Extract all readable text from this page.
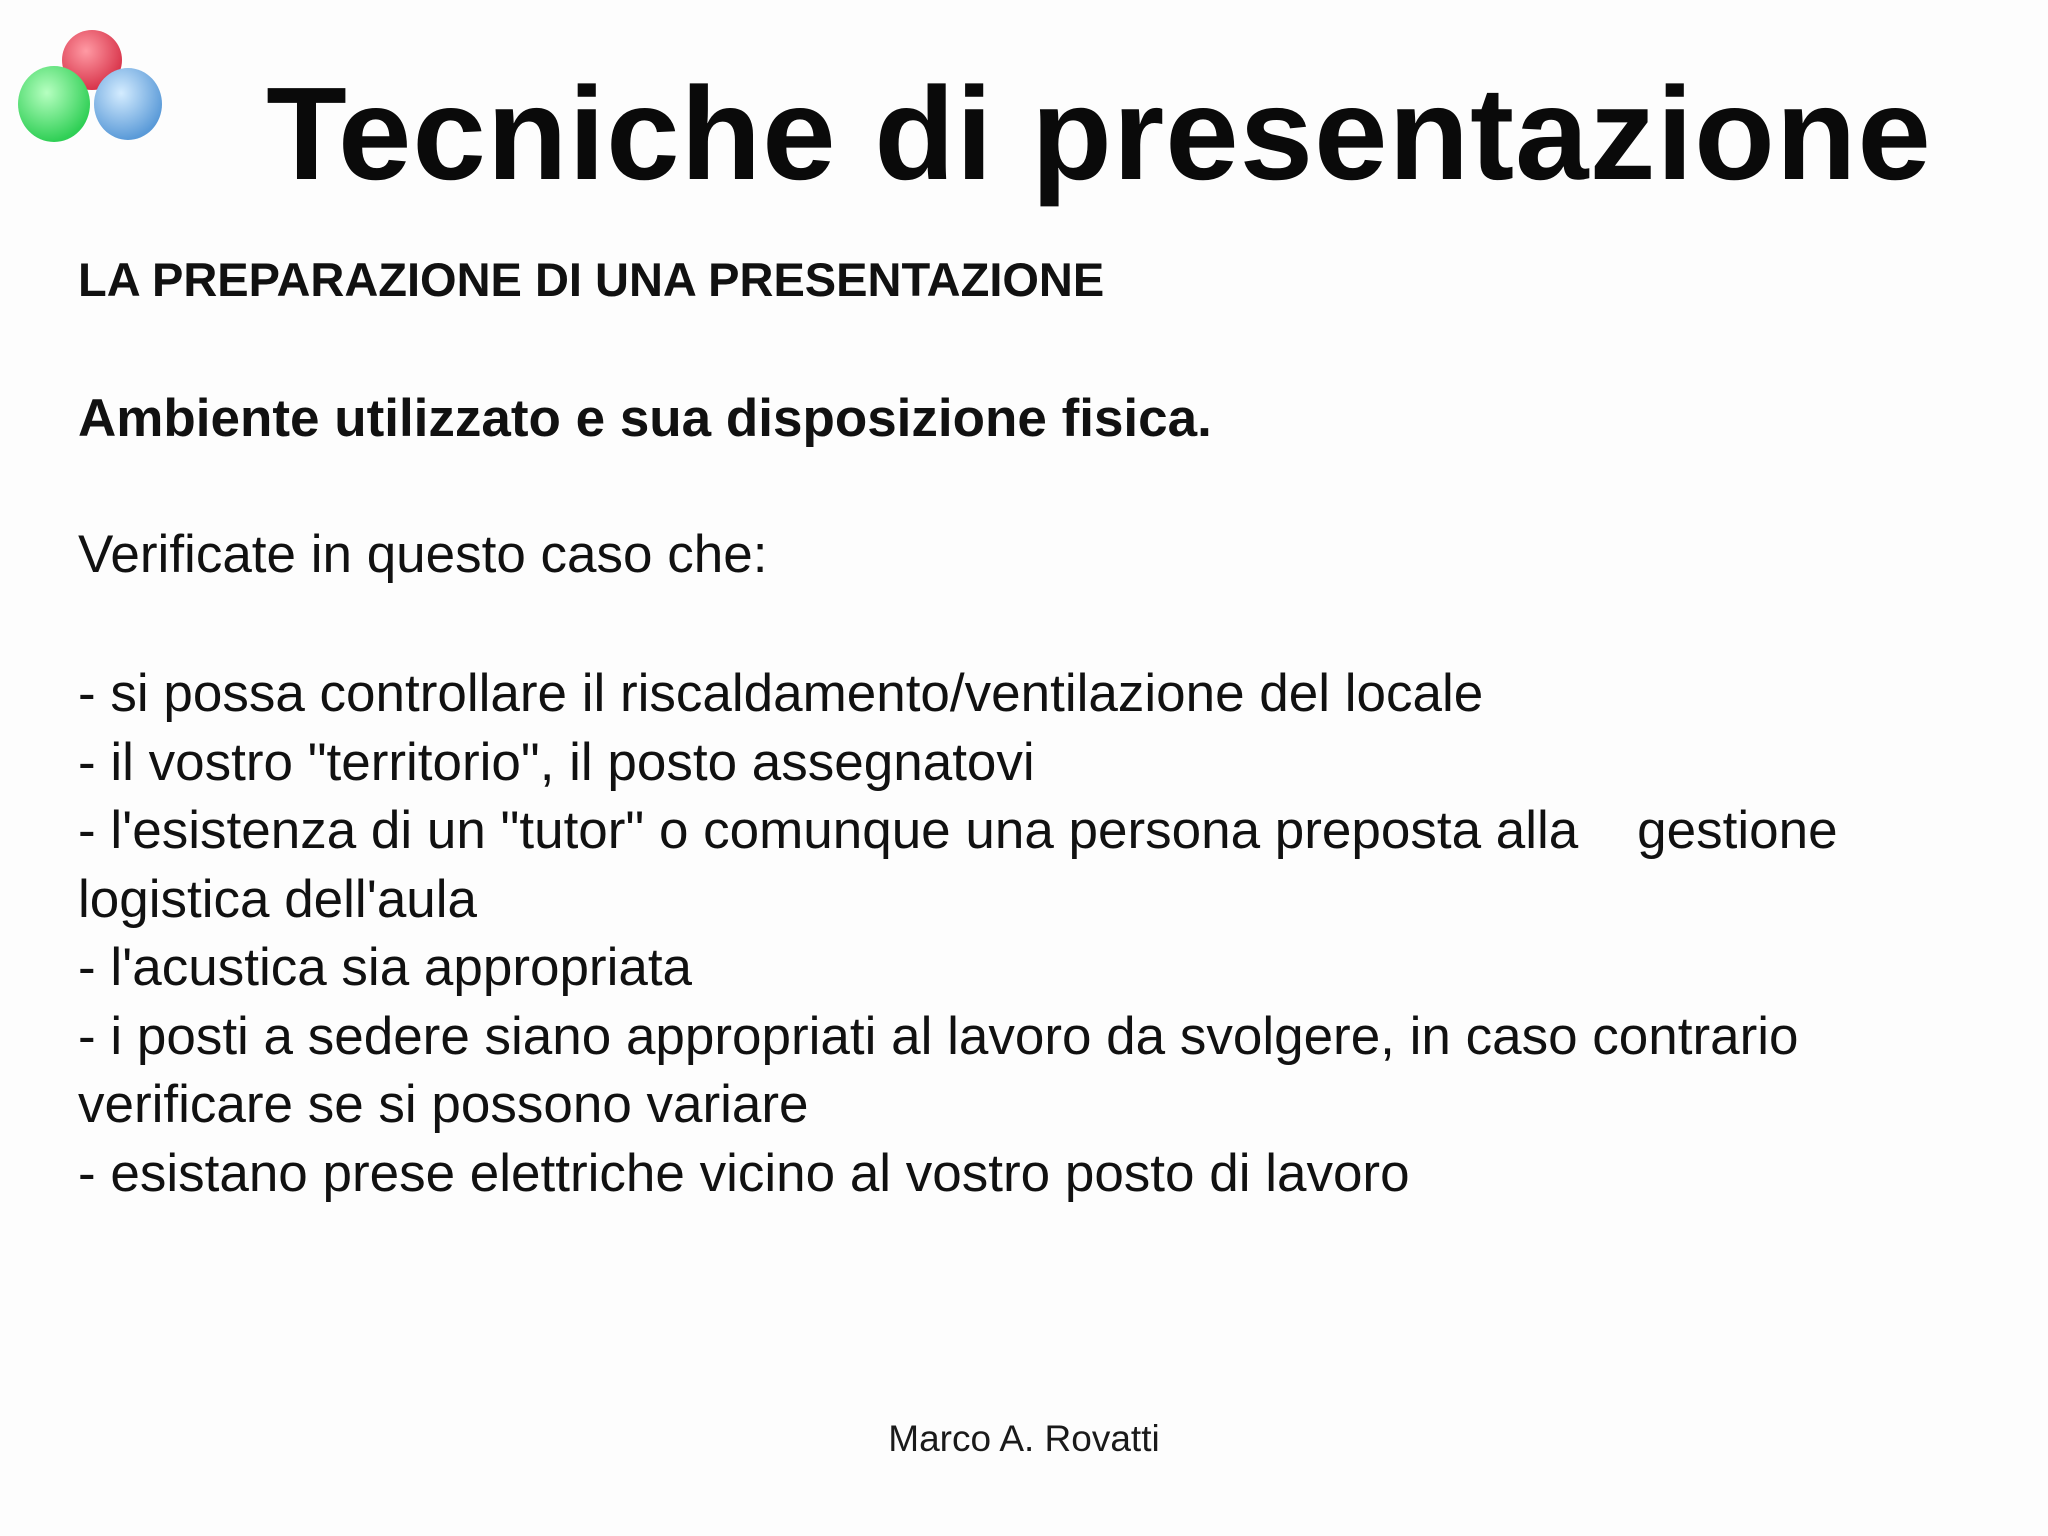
Tecniche di presentazione

LA PREPARAZIONE DI UNA PRESENTAZIONE

Ambiente utilizzato e sua disposizione fisica.

Verificate in questo caso che:

- si possa controllare il riscaldamento/ventilazione del locale
- il vostro "territorio", il posto assegnatovi
- l'esistenza di un "tutor" o comunque una persona preposta alla    gestione logistica dell'aula
- l'acustica sia appropriata
- i posti a sedere siano appropriati al lavoro da svolgere, in caso contrario verificare se si possono variare
- esistano prese elettriche vicino al vostro posto di lavoro
Marco A. Rovatti
